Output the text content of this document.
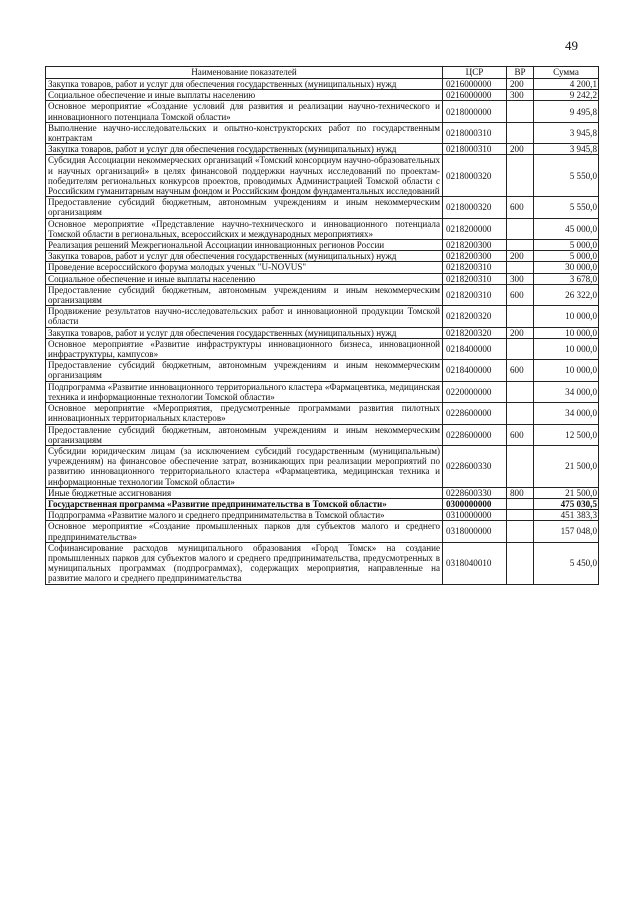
49
Наименование показателей	ЦСР	ВР	Сумма
Закупка товаров, работ и услуг для обеспечения государственных (муниципальных) нужд	0216000000	200	4 200,1
Социальное обеспечение и иные выплаты населению	0216000000	300	9 242,2
Основное мероприятие «Создание условий для развития и реализации научно-технического и инновационного потенциала Томской области»	0218000000		9 495,8
Выполнение научно-исследовательских и опытно-конструкторских работ по государственным контрактам	0218000310		3 945,8
Закупка товаров, работ и услуг для обеспечения государственных (муниципальных) нужд	0218000310	200	3 945,8
Субсидия Ассоциации некоммерческих организаций «Томский консорциум научно-образовательных и научных организаций» в целях финансовой поддержки научных исследований по проектам-победителям региональных конкурсов проектов, проводимых Администрацией Томской области с Российским гуманитарным научным фондом и Российским фондом фундаментальных исследований	0218000320		5 550,0
Предоставление субсидий бюджетным, автономным учреждениям и иным некоммерческим организациям	0218000320	600	5 550,0
Основное мероприятие «Представление научно-технического и инновационного потенциала Томской области в региональных, всероссийских и международных мероприятиях»	0218200000		45 000,0
Реализация решений Межрегиональной Ассоциации инновационных регионов России	0218200300		5 000,0
Закупка товаров, работ и услуг для обеспечения государственных (муниципальных) нужд	0218200300	200	5 000,0
Проведение всероссийского форума молодых ученых "U-NOVUS"	0218200310		30 000,0
Социальное обеспечение и иные выплаты населению	0218200310	300	3 678,0
Предоставление субсидий бюджетным, автономным учреждениям и иным некоммерческим организациям	0218200310	600	26 322,0
Продвижение результатов научно-исследовательских работ и инновационной продукции Томской области	0218200320		10 000,0
Закупка товаров, работ и услуг для обеспечения государственных (муниципальных) нужд	0218200320	200	10 000,0
Основное мероприятие «Развитие инфраструктуры инновационного бизнеса, инновационной инфраструктуры, кампусов»	0218400000		10 000,0
Предоставление субсидий бюджетным, автономным учреждениям и иным некоммерческим организациям	0218400000	600	10 000,0
Подпрограмма «Развитие инновационного территориального кластера «Фармацевтика, медицинская техника и информационные технологии Томской области»	0220000000		34 000,0
Основное мероприятие «Мероприятия, предусмотренные программами развития пилотных инновационных территориальных кластеров»	0228600000		34 000,0
Предоставление субсидий бюджетным, автономным учреждениям и иным некоммерческим организациям	0228600000	600	12 500,0
Субсидии юридическим лицам (за исключением субсидий государственным (муниципальным) учреждениям) на финансовое обеспечение затрат, возникающих при реализации мероприятий по развитию инновационного территориального кластера «Фармацевтика, медицинская техника и информационные технологии Томской области»	0228600330		21 500,0
Иные бюджетные ассигнования	0228600330	800	21 500,0
Государственная программа «Развитие предпринимательства в Томской области»	0300000000		475 030,5
Подпрограмма «Развитие малого и среднего предпринимательства в Томской области»	0310000000		451 383,3
Основное мероприятие «Создание промышленных парков для субъектов малого и среднего предпринимательства»	0318000000		157 048,0
Софинансирование расходов муниципального образования «Город Томск» на создание промышленных парков для субъектов малого и среднего предпринимательства, предусмотренных в муниципальных программах (подпрограммах), содержащих мероприятия, направленные на развитие малого и среднего предпринимательства	0318040010		5 450,0
